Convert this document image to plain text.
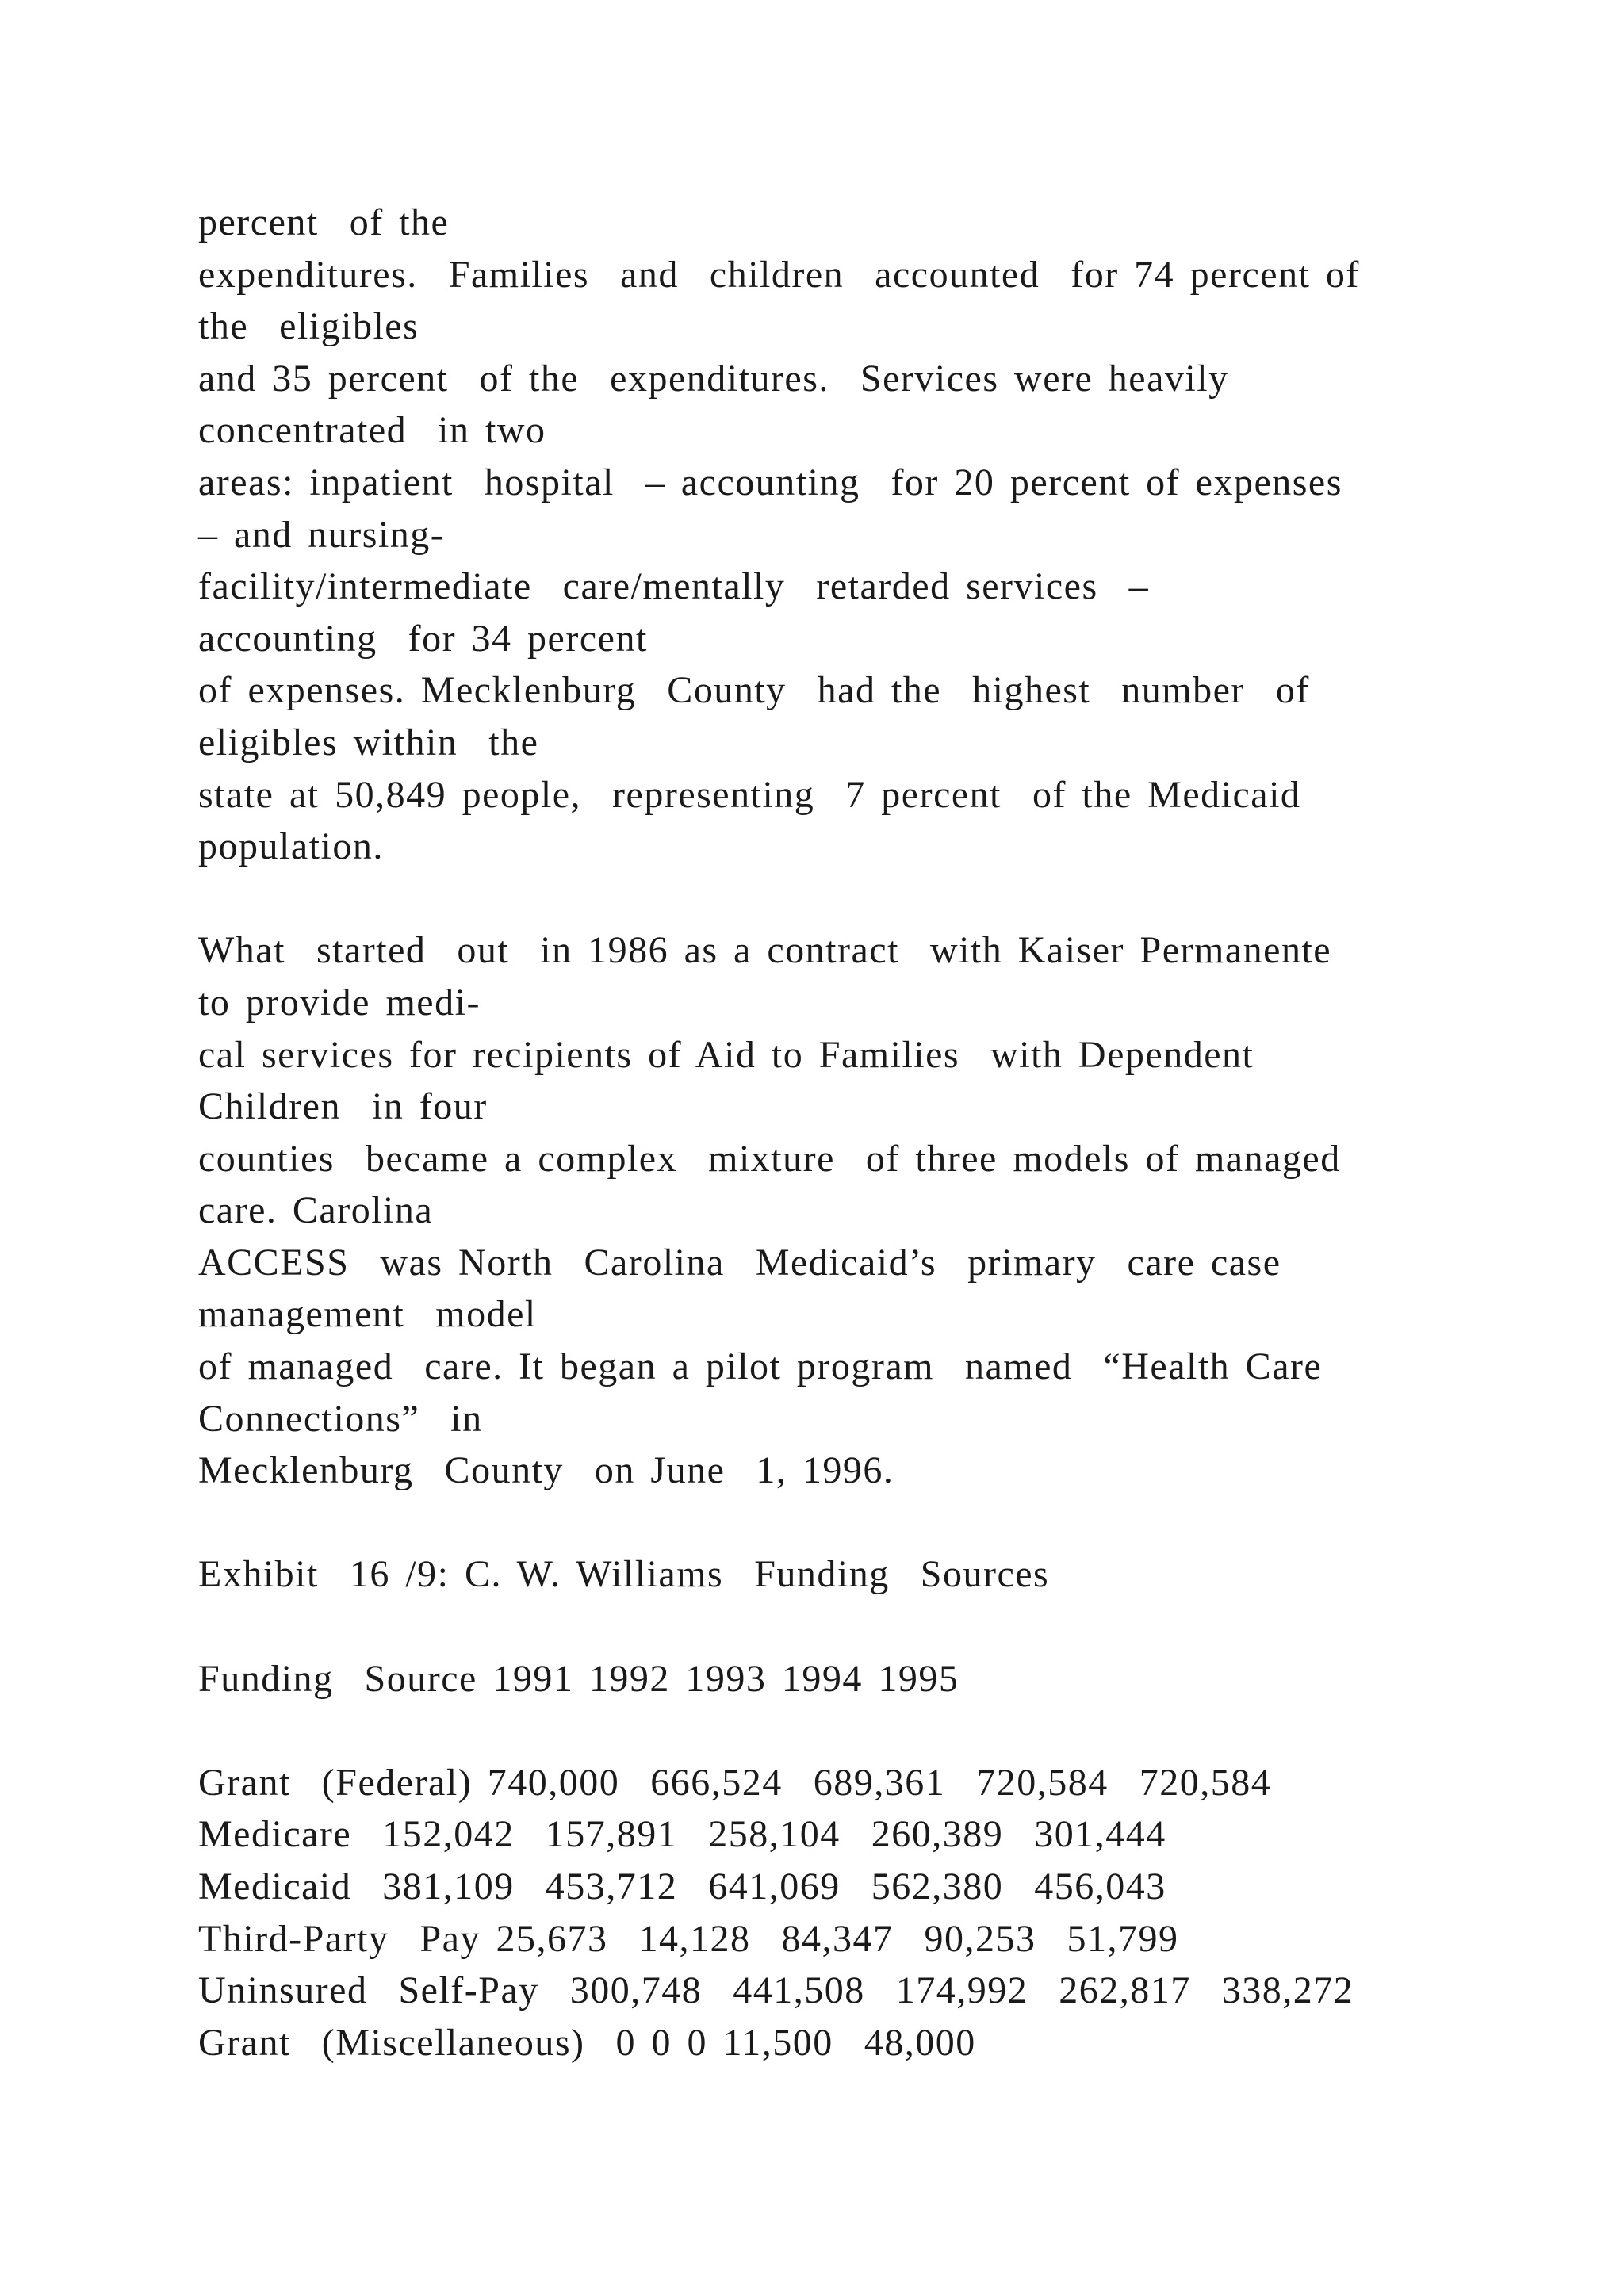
percent  of the
expenditures.  Families  and  children  accounted  for 74 percent of
the  eligibles
and 35 percent  of the  expenditures.  Services were heavily
concentrated  in two
areas: inpatient  hospital  – accounting  for 20 percent of expenses
– and nursing-
facility/intermediate  care/mentally  retarded services  –
accounting  for 34 percent
of expenses. Mecklenburg  County  had the  highest  number  of
eligibles within  the
state at 50,849 people,  representing  7 percent  of the Medicaid
population.
What  started  out  in 1986 as a contract  with Kaiser Permanente
to provide medi-
cal services for recipients of Aid to Families  with Dependent
Children  in four
counties  became a complex  mixture  of three models of managed
care. Carolina
ACCESS  was North  Carolina  Medicaid’s  primary  care case
management  model
of managed  care. It began a pilot program  named  “Health Care
Connections”  in
Mecklenburg  County  on June  1, 1996.
Exhibit  16 /9: C. W. Williams  Funding  Sources
Funding  Source 1991 1992 1993 1994 1995
Grant  (Federal) 740,000  666,524  689,361  720,584  720,584
Medicare  152,042  157,891  258,104  260,389  301,444
Medicaid  381,109  453,712  641,069  562,380  456,043
Third-Party  Pay 25,673  14,128  84,347  90,253  51,799
Uninsured  Self-Pay  300,748  441,508  174,992  262,817  338,272
Grant  (Miscellaneous)  0 0 0 11,500  48,000
